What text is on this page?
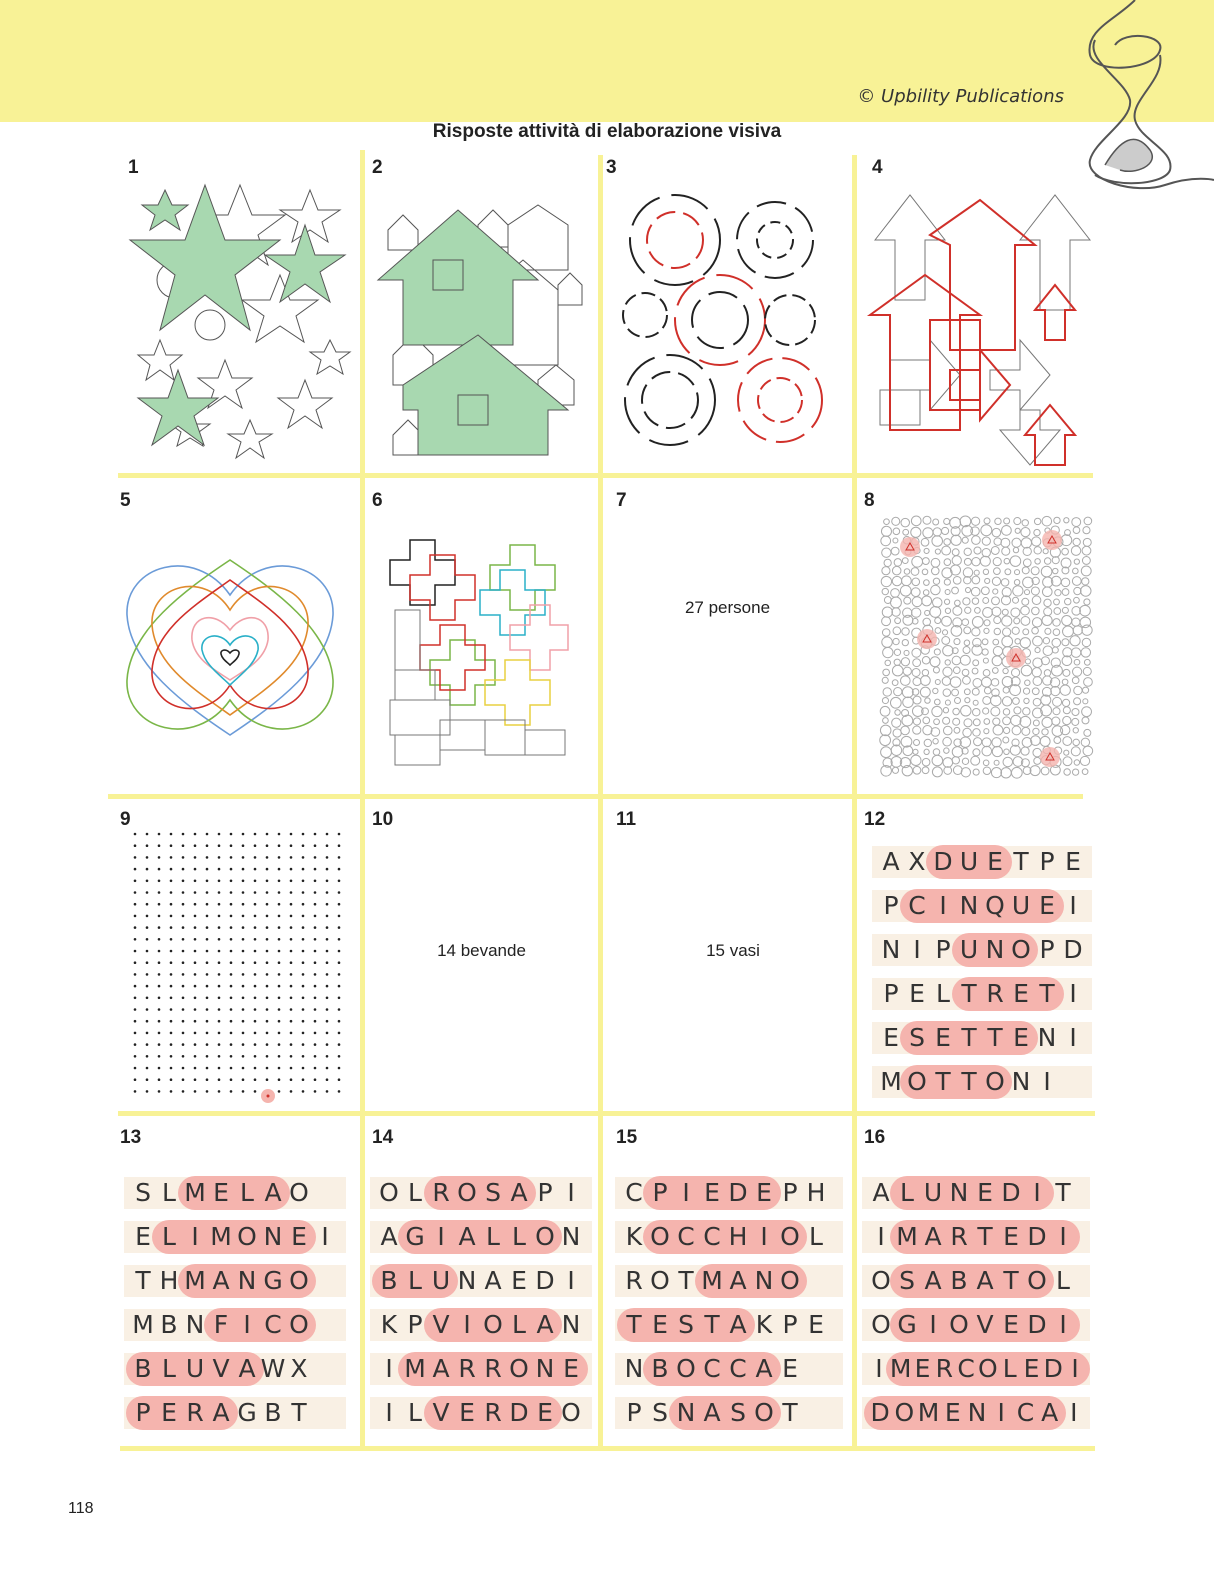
© Upbility Publications
Risposte attività di elaborazione visiva
1	2	3	4
5	6	7	8
9	10	11	12
13	14	15	16
27 persone
14 bevande	15 vasi
A X D U E T P E
P C I N Q U E I
N I P U N O P D
P E L T R E T I
E S E T T E N I
M O T T O N I
S L M E L A O
E L I M O N E I
T H M A N G O
M B N F I C O
B L U V A W X
P E R A G B T
O L R O S A P I
A G I A L L O N
B L U N A E D I
K P V I O L A N
I M A R R O N E
I L V E R D E O
C P I E D E P H
K O C C H I O L
R O T M A N O
T E S T A K P E
N B O C C A E
P S N A S O T
A L U N E D I T
I M A R T E D I
O S A B A T O L
O G I O V E D I
I M E R C O L E D I
D O M E N I C A I
118
